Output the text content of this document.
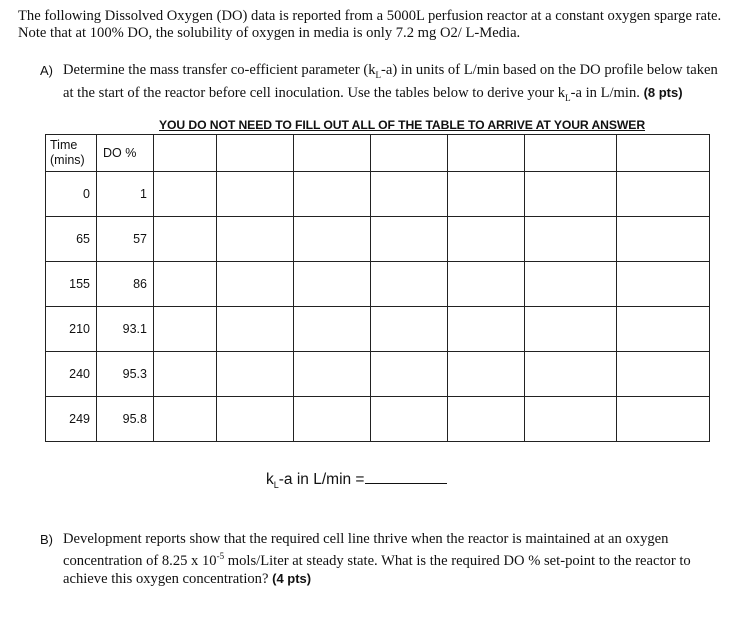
The following Dissolved Oxygen (DO) data is reported from a 5000L perfusion reactor at a constant oxygen sparge rate.
Note that at 100% DO, the solubility of oxygen in media is only 7.2 mg O2/ L-Media.
A) Determine the mass transfer co-efficient parameter $(k_L-a)$ in units of L/min based on the DO profile below taken at the start of the reactor before cell inoculation. Use the tables below to derive your $k_L-a$ in L/min. (8 pts)
YOU DO NOT NEED TO FILL OUT ALL OF THE TABLE TO ARRIVE AT YOUR ANSWER
Time (mins)	DO %							
0	1							
65	57							
155	86							
210	93.1							
240	95.3							
249	95.8							
$k_L-a$ in L/min =
B) Development reports show that the required cell line thrive when the reactor is maintained at an oxygen concentration of 8.25 x $10^{-5}$ mols/Liter at steady state. What is the required DO % set-point to the reactor to achieve this oxygen concentration? (4 pts)
